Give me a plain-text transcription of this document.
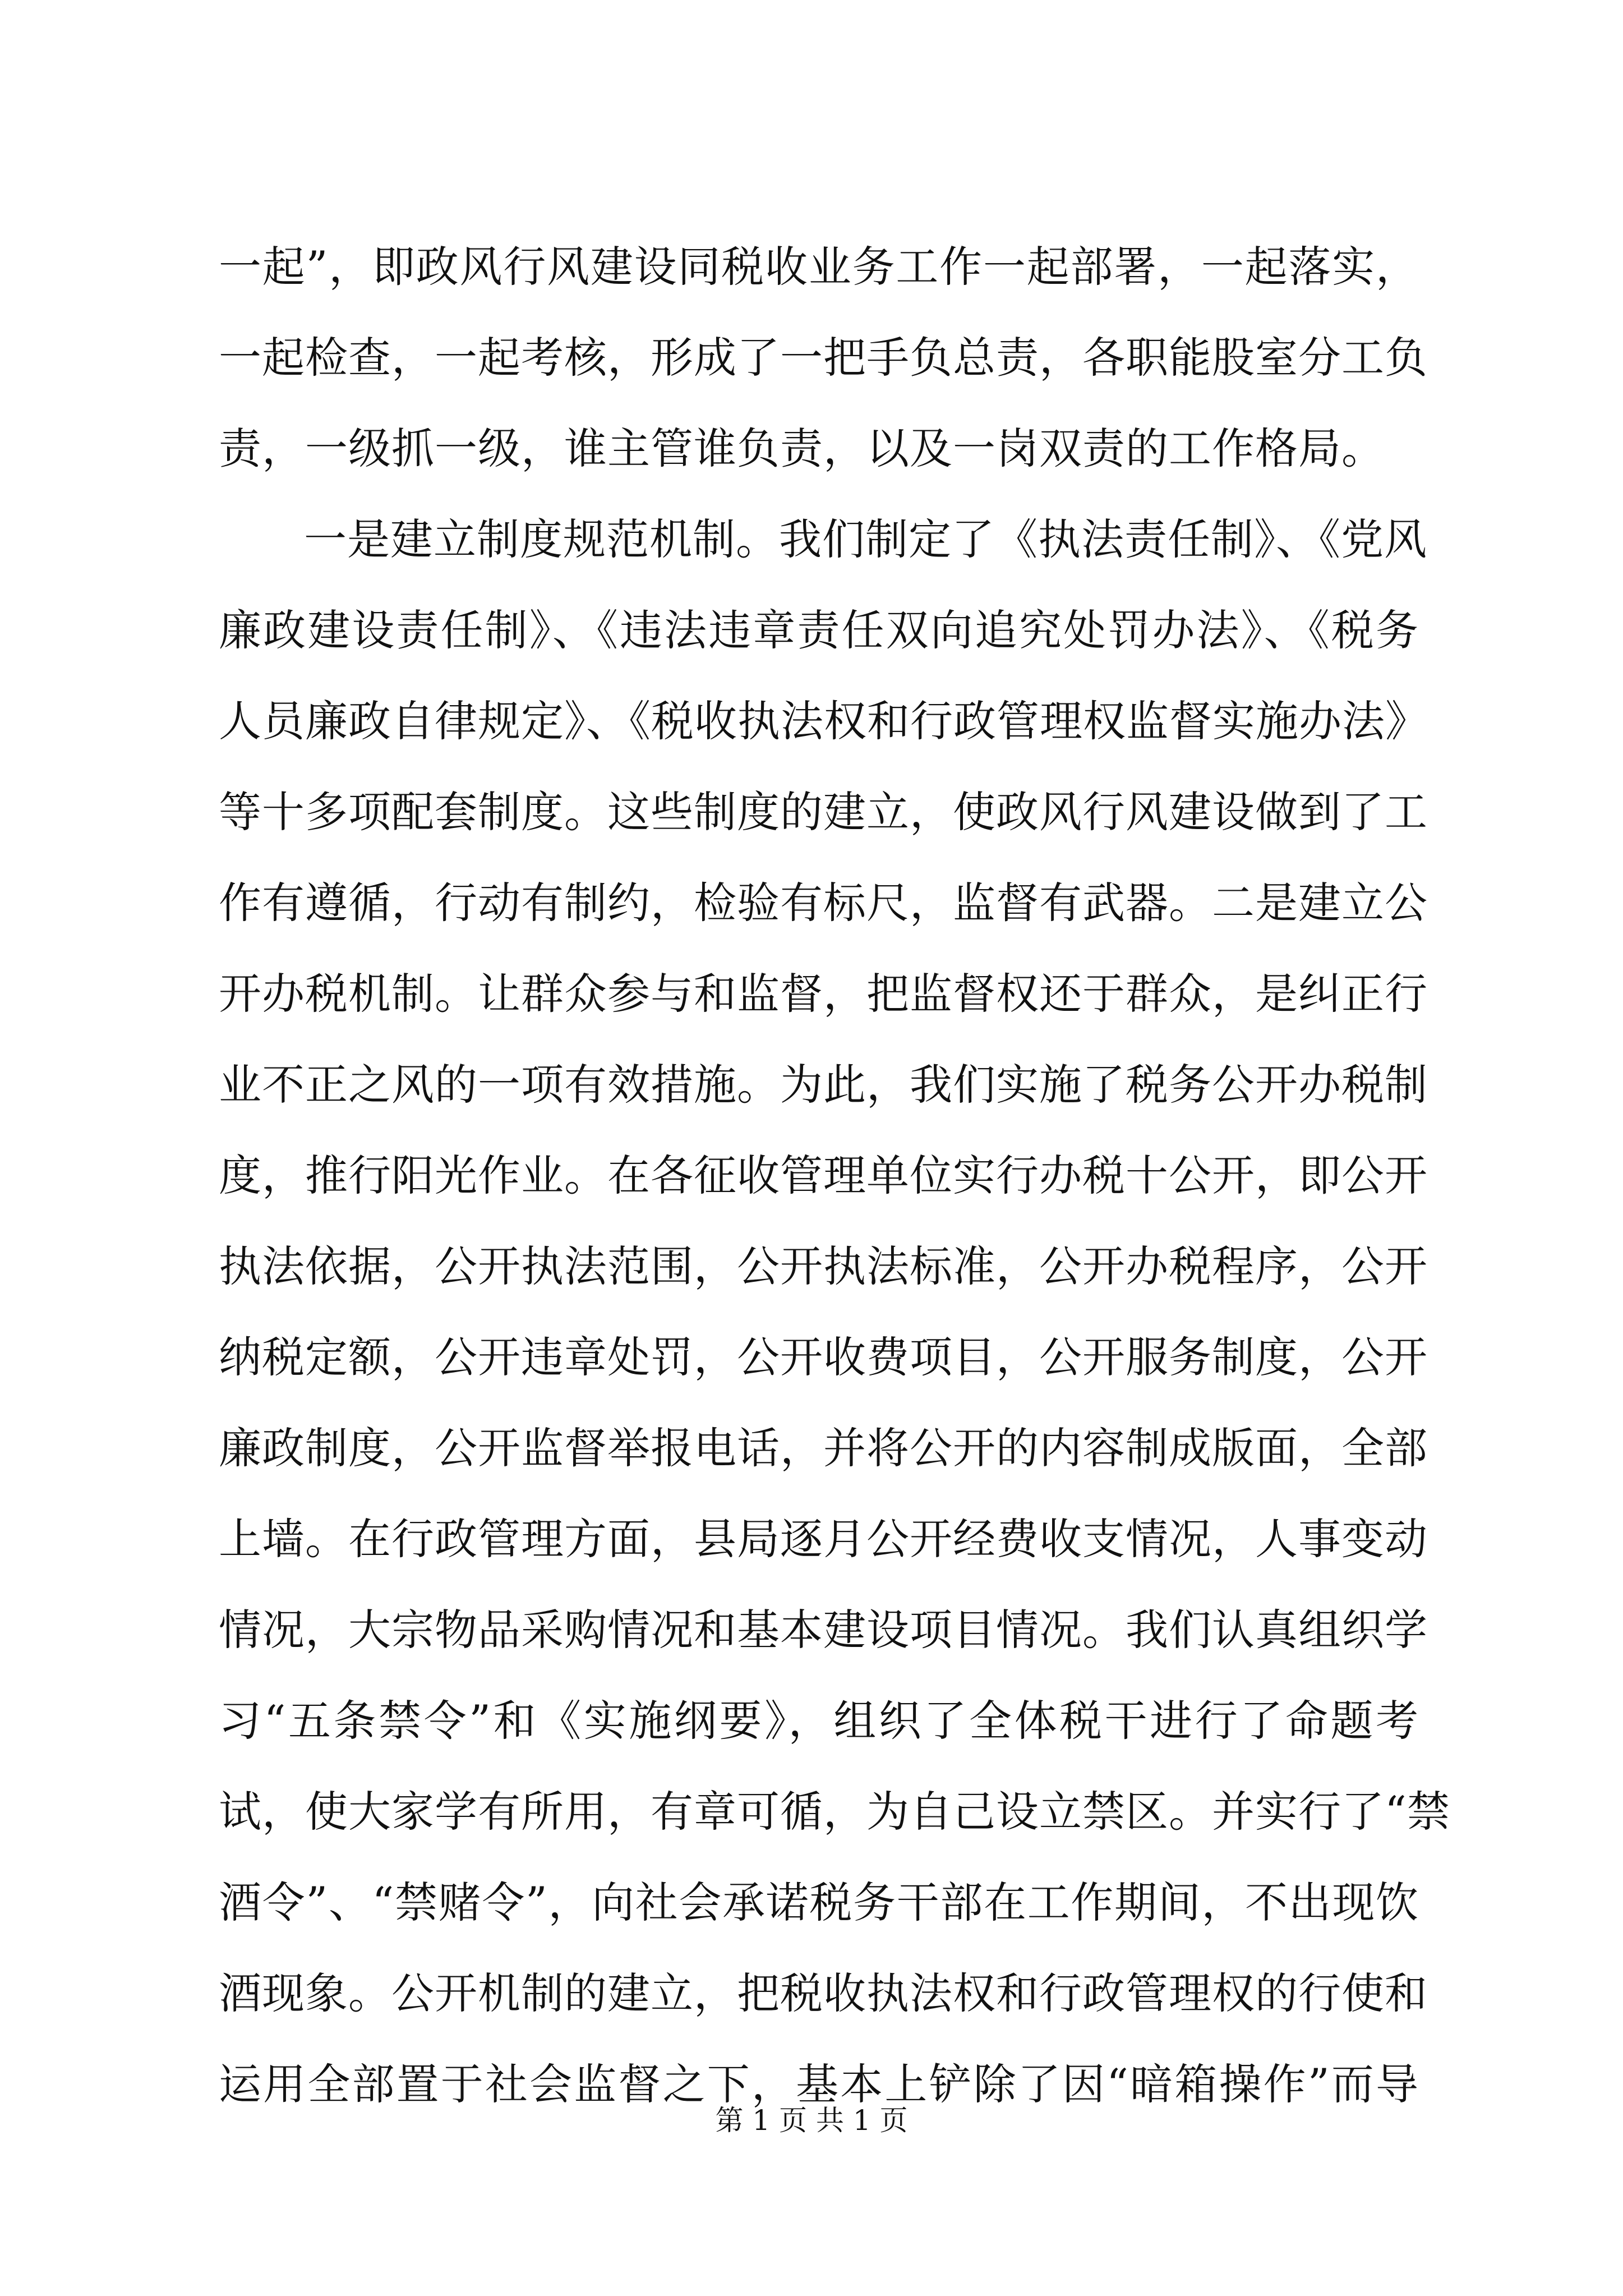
一起”，即政风行风建设同税收业务工作一起部署，一起落实，
一起检查，一起考核，形成了一把手负总责，各职能股室分工负
责，一级抓一级，谁主管谁负责，以及一岗双责的工作格局。
一是建立制度规范机制。我们制定了《执法责任制》、《党风
廉政建设责任制》、《违法违章责任双向追究处罚办法》、《税务
人员廉政自律规定》、《税收执法权和行政管理权监督实施办法》
等十多项配套制度。这些制度的建立，使政风行风建设做到了工
作有遵循，行动有制约，检验有标尺，监督有武器。二是建立公
开办税机制。让群众参与和监督，把监督权还于群众，是纠正行
业不正之风的一项有效措施。为此，我们实施了税务公开办税制
度，推行阳光作业。在各征收管理单位实行办税十公开，即公开
执法依据，公开执法范围，公开执法标准，公开办税程序，公开
纳税定额，公开违章处罚，公开收费项目，公开服务制度，公开
廉政制度，公开监督举报电话，并将公开的内容制成版面，全部
上墙。在行政管理方面，县局逐月公开经费收支情况，人事变动
情况，大宗物品采购情况和基本建设项目情况。我们认真组织学
习“五条禁令”和《实施纲要》，组织了全体税干进行了命题考
试，使大家学有所用，有章可循，为自己设立禁区。并实行了“禁
酒令”、“禁赌令”，向社会承诺税务干部在工作期间，不出现饮
酒现象。公开机制的建立，把税收执法权和行政管理权的行使和
运用全部置于社会监督之下，基本上铲除了因“暗箱操作”而导
第 1 页 共 1 页
